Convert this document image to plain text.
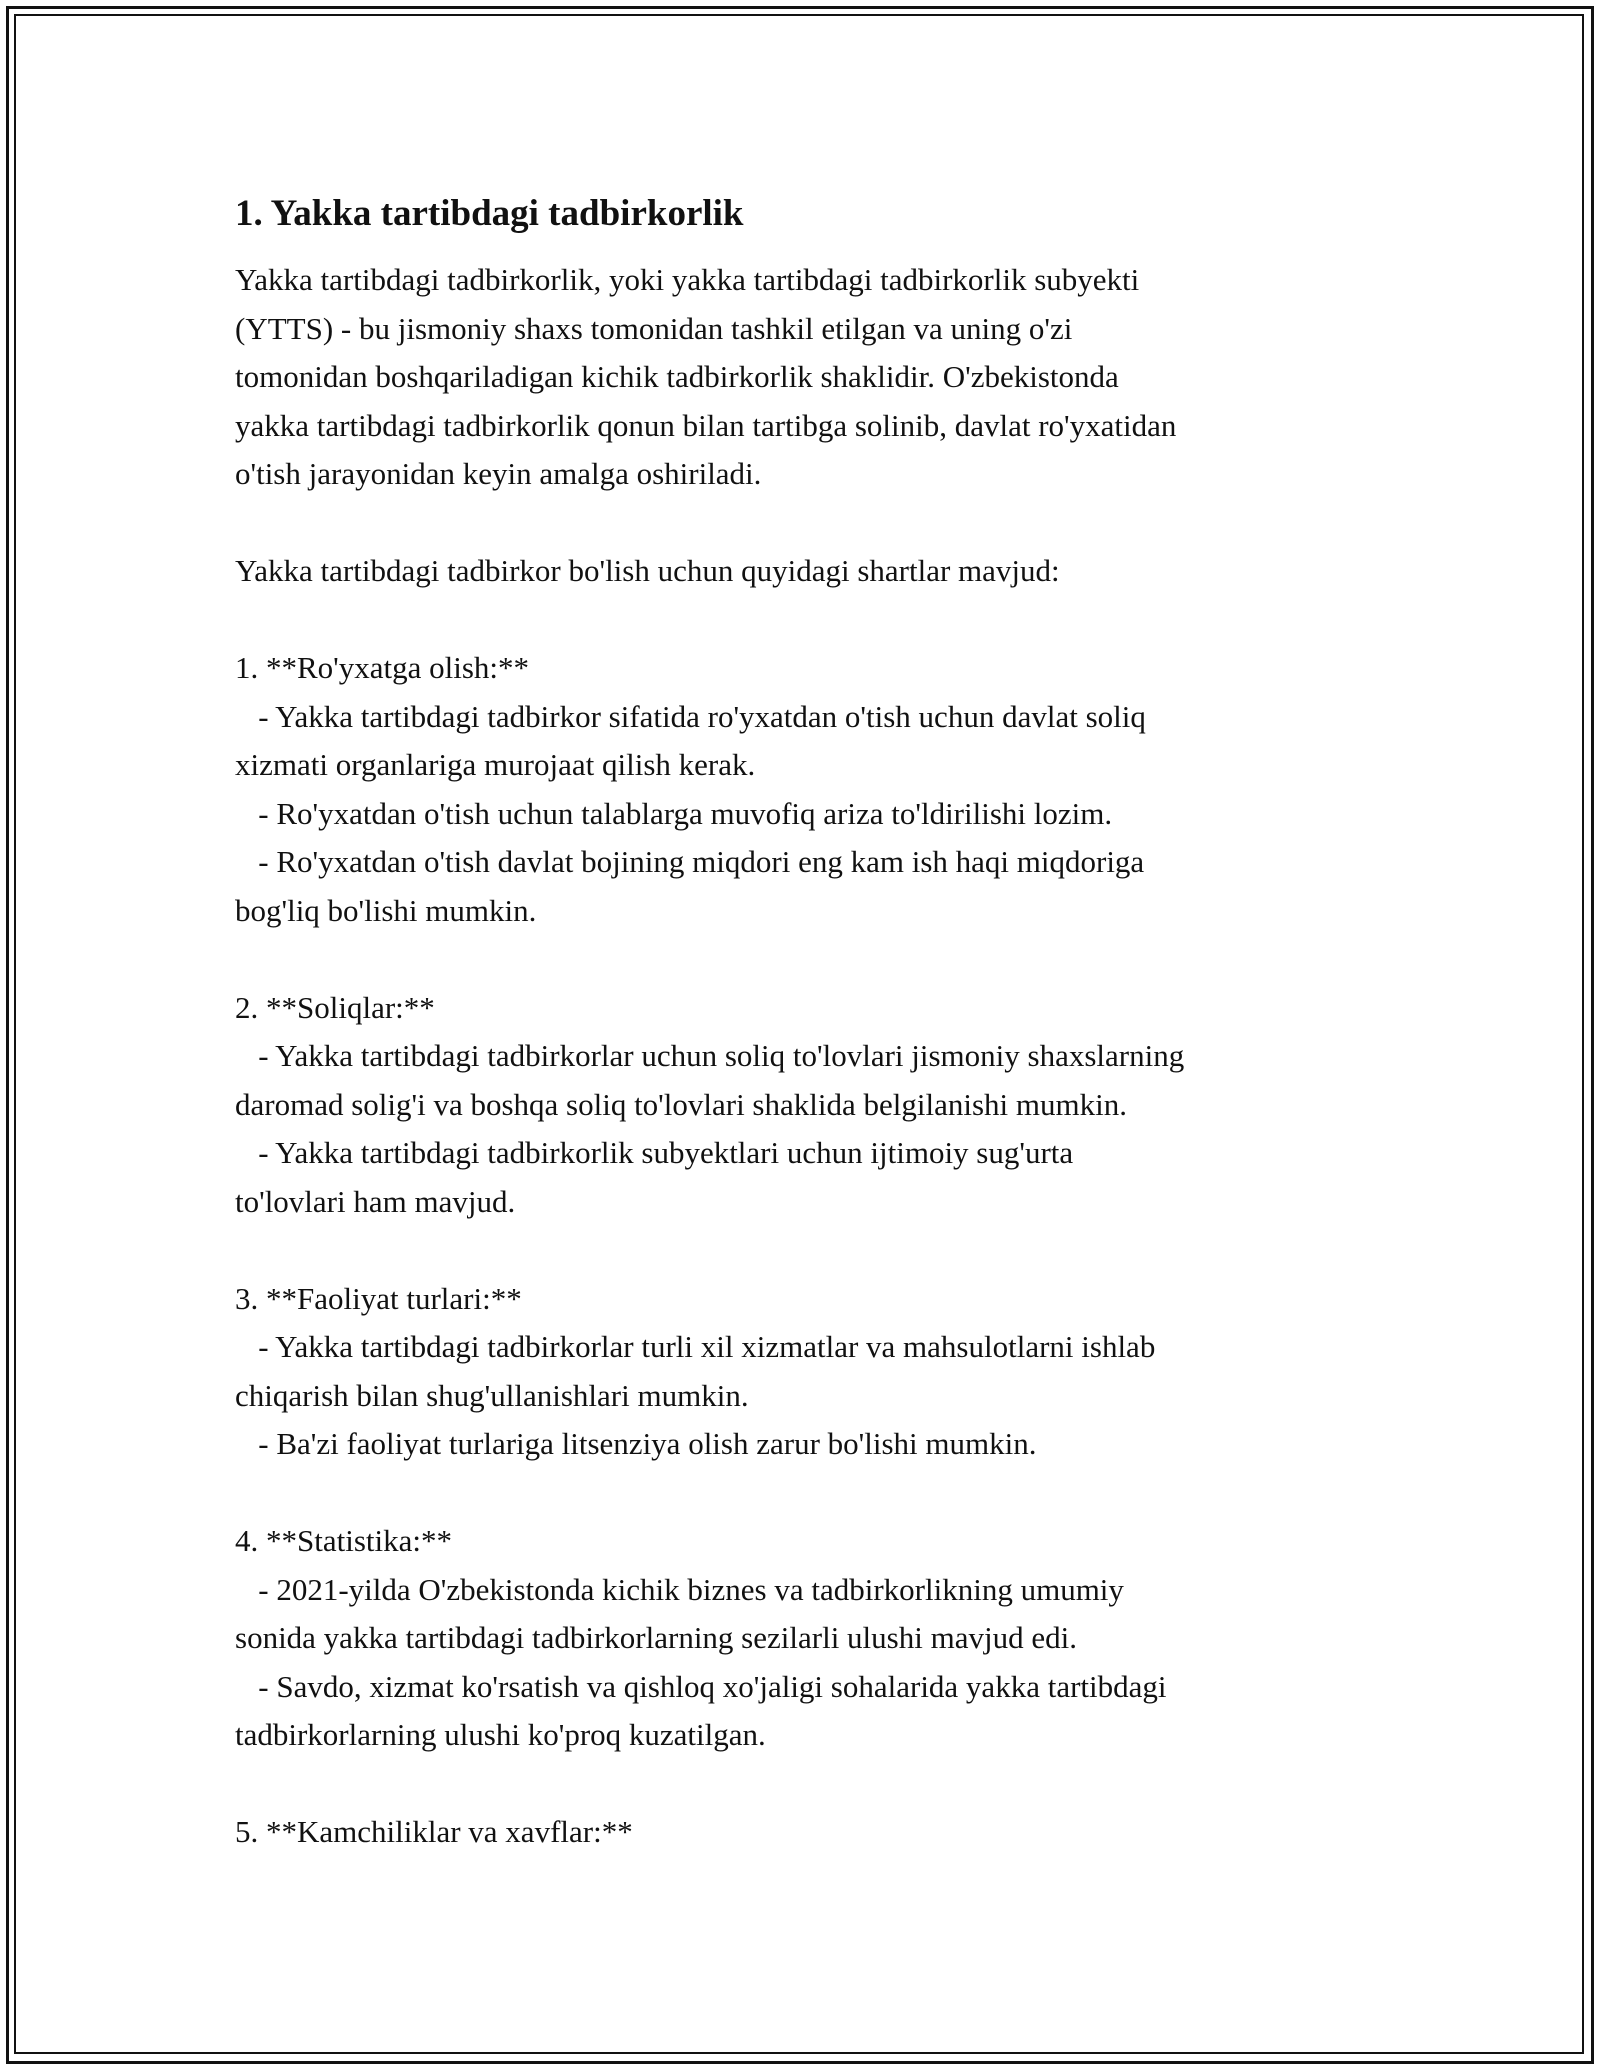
1. Yakka tartibdagi tadbirkorlik
Yakka tartibdagi tadbirkorlik, yoki yakka tartibdagi tadbirkorlik subyekti
(YTTS) - bu jismoniy shaxs tomonidan tashkil etilgan va uning o'zi
tomonidan boshqariladigan kichik tadbirkorlik shaklidir. O'zbekistonda
yakka tartibdagi tadbirkorlik qonun bilan tartibga solinib, davlat ro'yxatidan
o'tish jarayonidan keyin amalga oshiriladi.
Yakka tartibdagi tadbirkor bo'lish uchun quyidagi shartlar mavjud:
1. **Ro'yxatga olish:**
- Yakka tartibdagi tadbirkor sifatida ro'yxatdan o'tish uchun davlat soliq
xizmati organlariga murojaat qilish kerak.
- Ro'yxatdan o'tish uchun talablarga muvofiq ariza to'ldirilishi lozim.
- Ro'yxatdan o'tish davlat bojining miqdori eng kam ish haqi miqdoriga
bog'liq bo'lishi mumkin.
2. **Soliqlar:**
- Yakka tartibdagi tadbirkorlar uchun soliq to'lovlari jismoniy shaxslarning
daromad solig'i va boshqa soliq to'lovlari shaklida belgilanishi mumkin.
- Yakka tartibdagi tadbirkorlik subyektlari uchun ijtimoiy sug'urta
to'lovlari ham mavjud.
3. **Faoliyat turlari:**
- Yakka tartibdagi tadbirkorlar turli xil xizmatlar va mahsulotlarni ishlab
chiqarish bilan shug'ullanishlari mumkin.
- Ba'zi faoliyat turlariga litsenziya olish zarur bo'lishi mumkin.
4. **Statistika:**
- 2021-yilda O'zbekistonda kichik biznes va tadbirkorlikning umumiy
sonida yakka tartibdagi tadbirkorlarning sezilarli ulushi mavjud edi.
- Savdo, xizmat ko'rsatish va qishloq xo'jaligi sohalarida yakka tartibdagi
tadbirkorlarning ulushi ko'proq kuzatilgan.
5. **Kamchiliklar va xavflar:**
